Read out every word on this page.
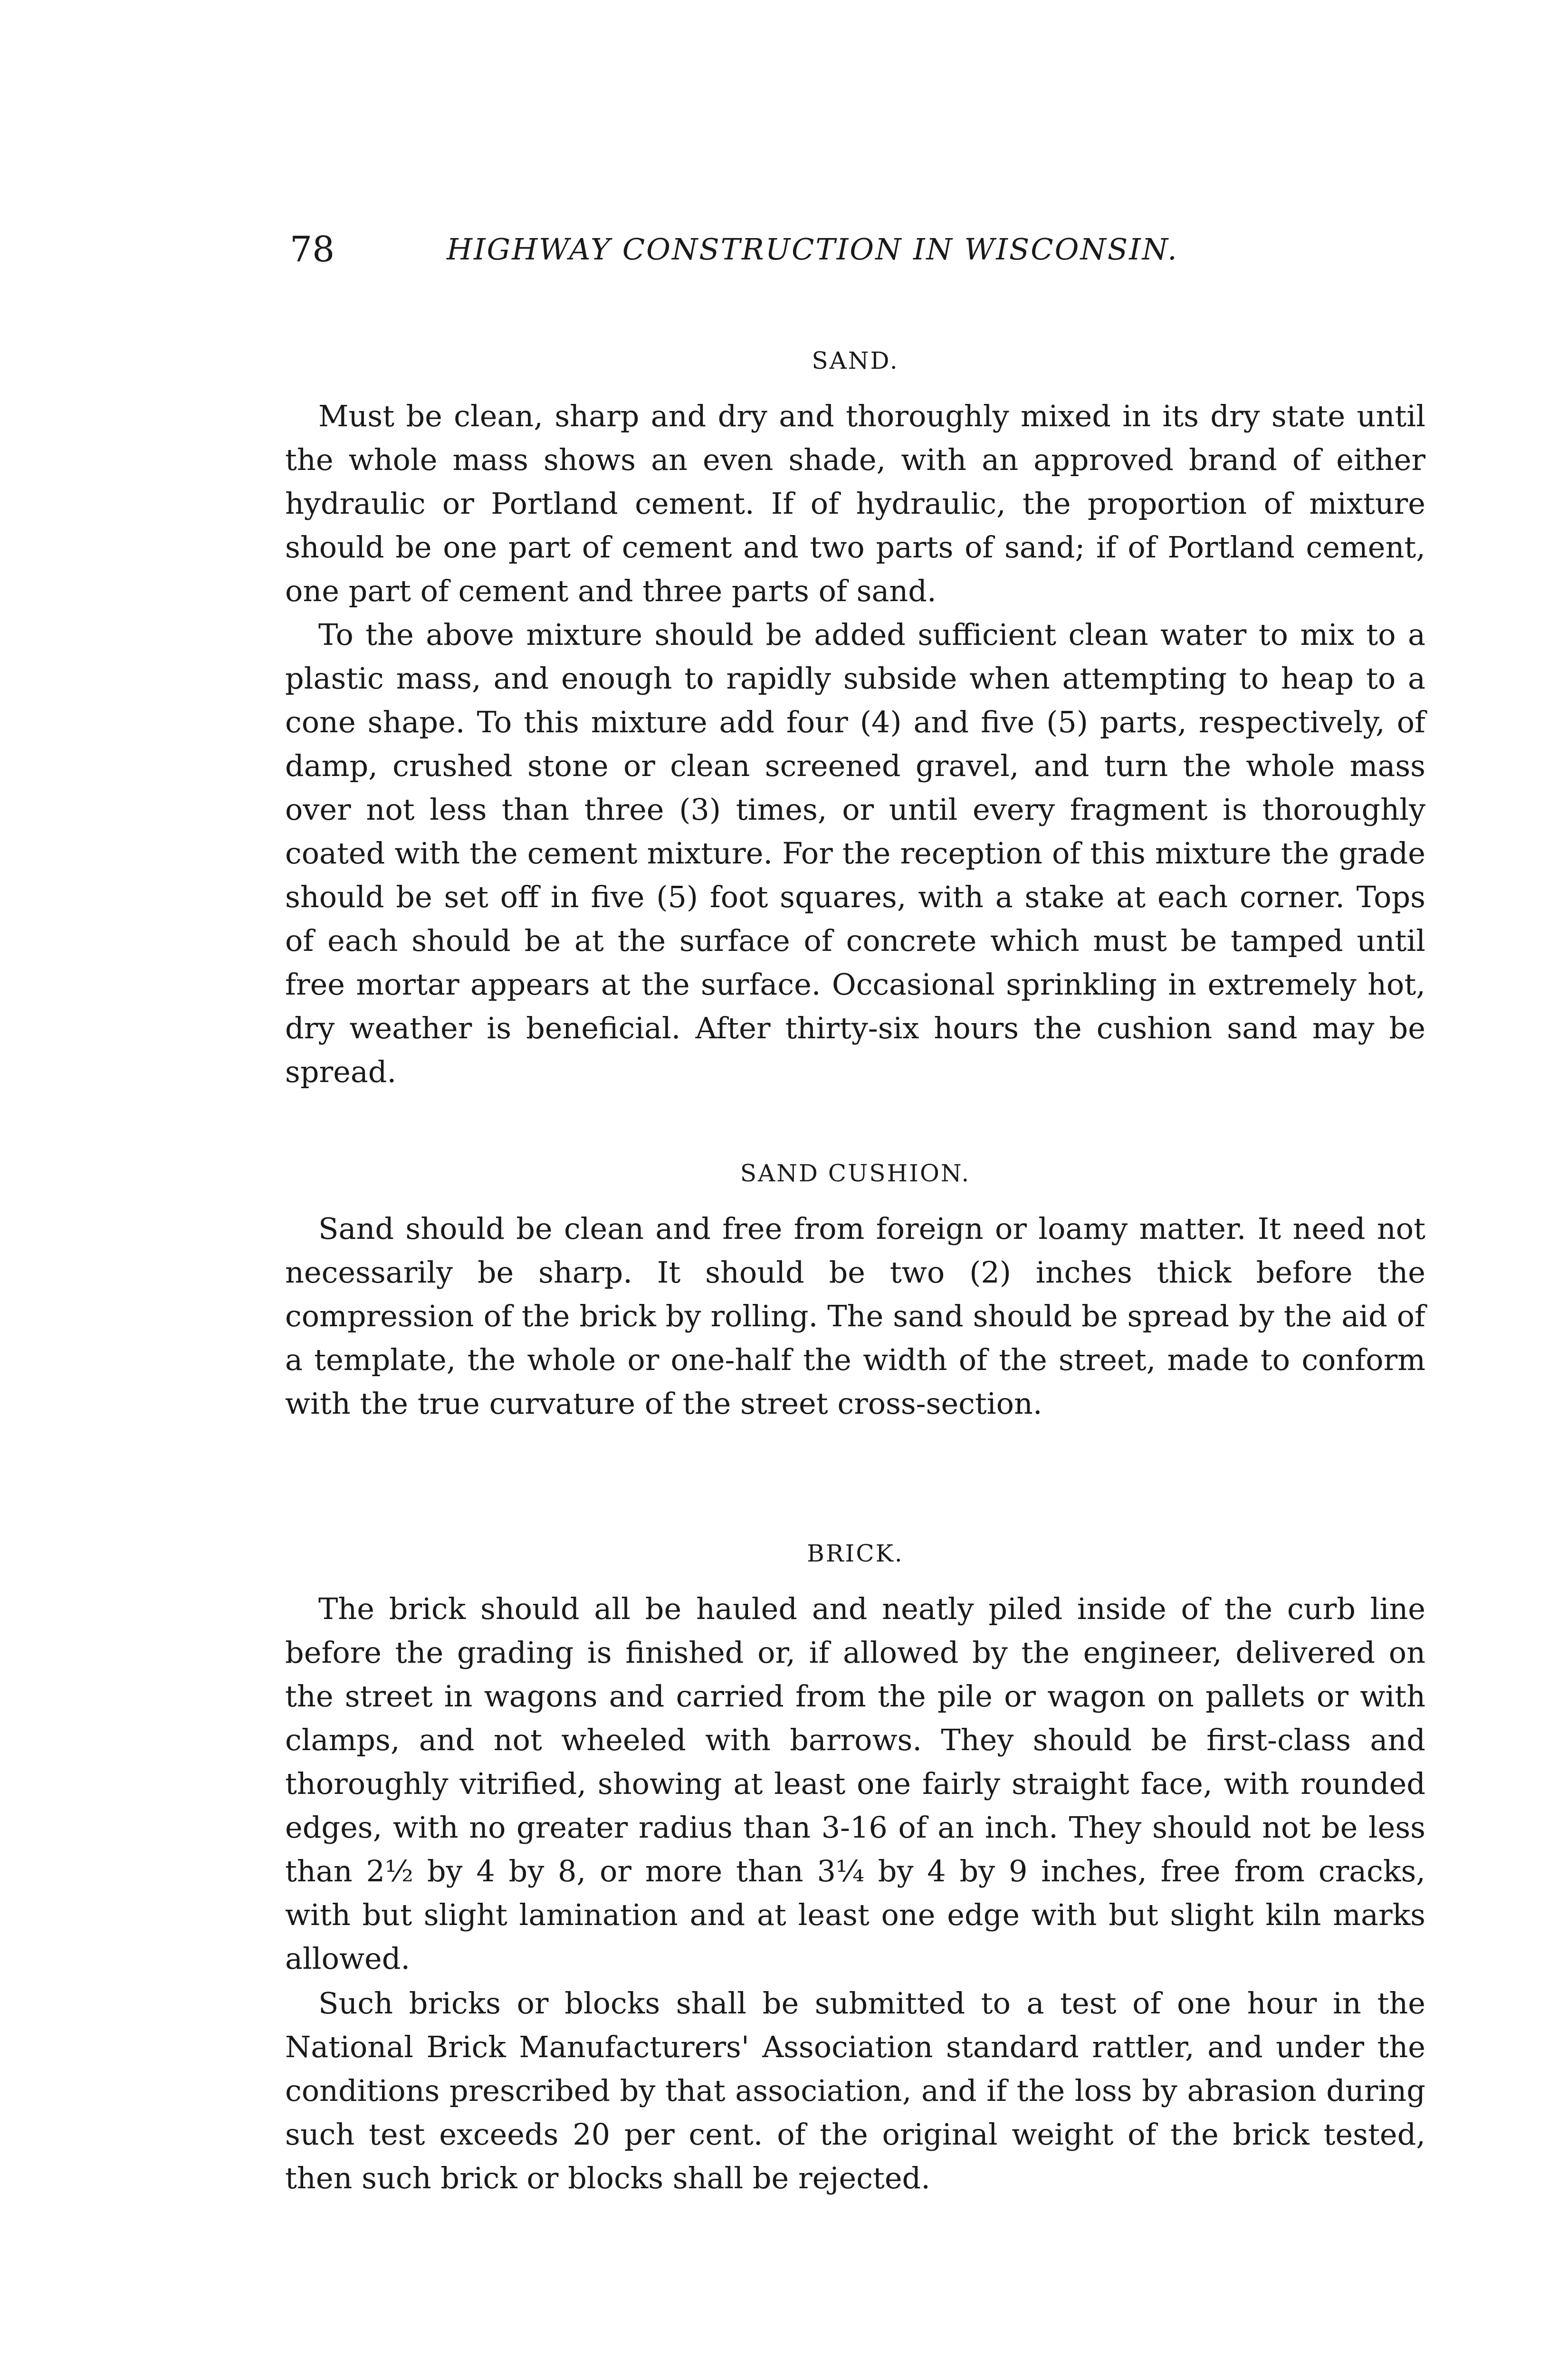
78	HIGHWAY CONSTRUCTION IN WISCONSIN.
SAND.

Must be clean, sharp and dry and thoroughly mixed in its dry state until the whole mass shows an even shade, with an approved brand of either hydraulic or Portland cement. If of hydraulic, the proportion of mixture should be one part of cement and two parts of sand; if of Portland cement, one part of cement and three parts of sand.

To the above mixture should be added sufficient clean water to mix to a plastic mass, and enough to rapidly subside when attempting to heap to a cone shape. To this mixture add four (4) and five (5) parts, respectively, of damp, crushed stone or clean screened gravel, and turn the whole mass over not less than three (3) times, or until every fragment is thoroughly coated with the cement mixture. For the reception of this mixture the grade should be set off in five (5) foot squares, with a stake at each corner. Tops of each should be at the surface of concrete which must be tamped until free mortar appears at the surface. Occasional sprinkling in extremely hot, dry weather is beneficial. After thirty-six hours the cushion sand may be spread.

SAND CUSHION.

Sand should be clean and free from foreign or loamy matter. It need not necessarily be sharp. It should be two (2) inches thick before the compression of the brick by rolling. The sand should be spread by the aid of a template, the whole or one-half the width of the street, made to conform with the true curvature of the street cross-section.

BRICK.

The brick should all be hauled and neatly piled inside of the curb line before the grading is finished or, if allowed by the engineer, delivered on the street in wagons and carried from the pile or wagon on pallets or with clamps, and not wheeled with barrows. They should be first-class and thoroughly vitrified, showing at least one fairly straight face, with rounded edges, with no greater radius than 3-16 of an inch. They should not be less than 2½ by 4 by 8, or more than 3¼ by 4 by 9 inches, free from cracks, with but slight lamination and at least one edge with but slight kiln marks allowed.

Such bricks or blocks shall be submitted to a test of one hour in the National Brick Manufacturers' Association standard rattler, and under the conditions prescribed by that association, and if the loss by abrasion during such test exceeds 20 per cent. of the original weight of the brick tested, then such brick or blocks shall be rejected.
